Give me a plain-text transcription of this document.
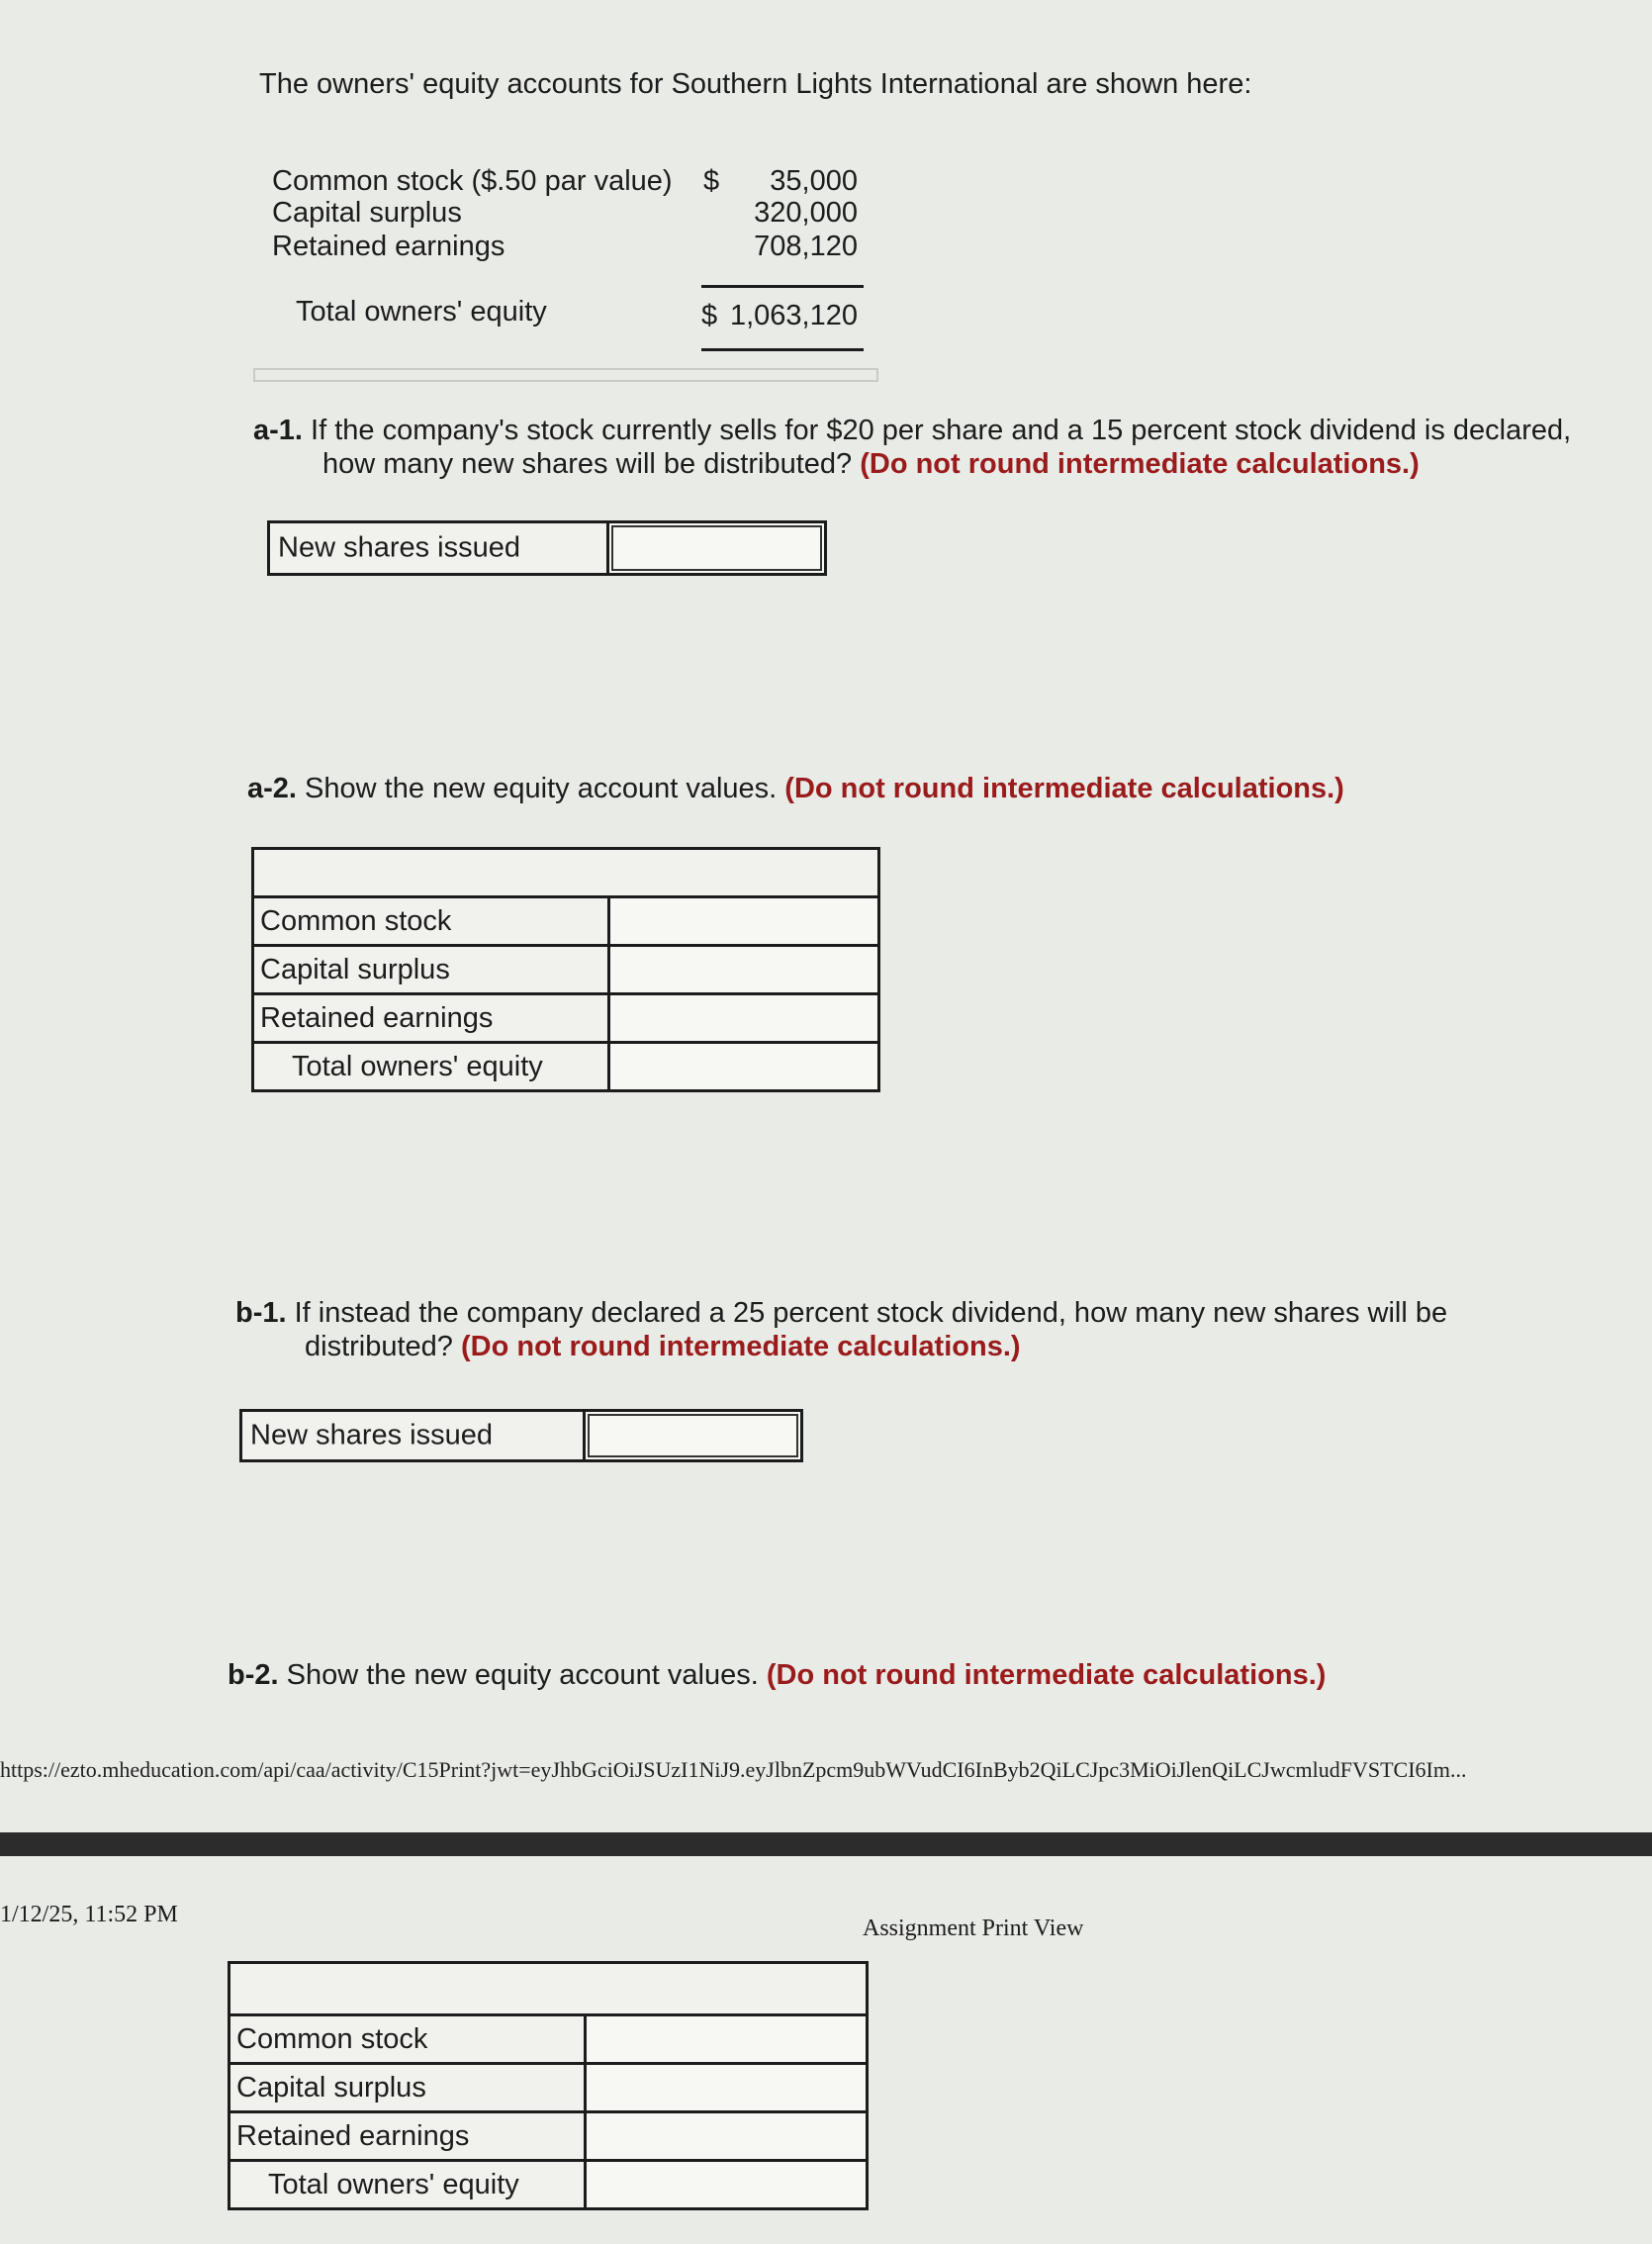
The owners' equity accounts for Southern Lights International are shown here:
Common stock ($.50 par value) $	35,000
Capital surplus	320,000
Retained earnings	708,120
Total owners' equity	$ 1,063,120
a-1. If the company's stock currently sells for $20 per share and a 15 percent stock dividend is declared,
how many new shares will be distributed? (Do not round intermediate calculations.)
New shares issued
a-2. Show the new equity account values. (Do not round intermediate calculations.)

Common stock	
Capital surplus	
Retained earnings	
Total owners' equity	
b-1. If instead the company declared a 25 percent stock dividend, how many new shares will be
distributed? (Do not round intermediate calculations.)
New shares issued
b-2. Show the new equity account values. (Do not round intermediate calculations.)
https://ezto.mheducation.com/api/caa/activity/C15Print?jwt=eyJhbGciOiJSUzI1NiJ9.eyJlbnZpcm9ubWVudCI6InByb2QiLCJpc3MiOiJlenQiLCJwcmludFVSTCI6Im...
1/12/25, 11:52 PM
Assignment Print View

Common stock	
Capital surplus	
Retained earnings	
Total owners' equity	
